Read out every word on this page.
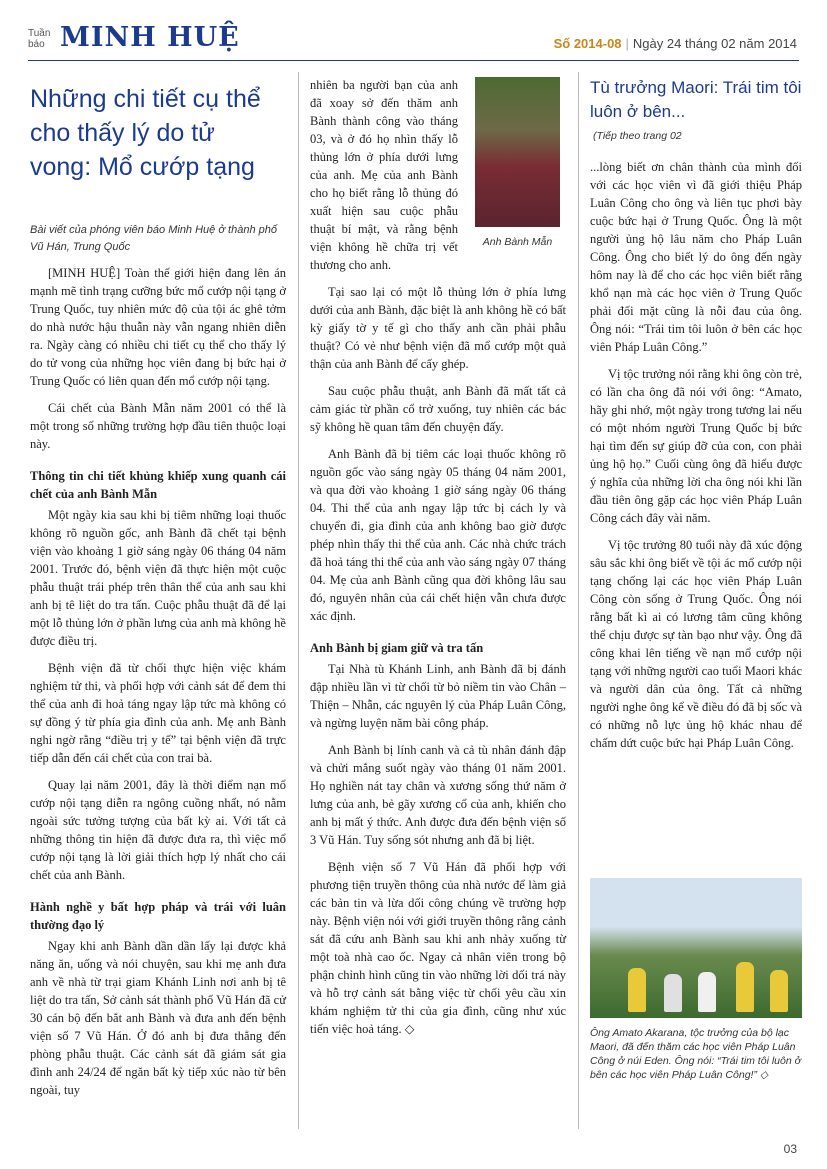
Tuần
báo MINH HUỆ	Số 2014-08 | Ngày 24 tháng 02 năm 2014
Những chi tiết cụ thể cho thấy lý do tử vong: Mổ cướp tạng
Bài viết của phóng viên báo Minh Huệ ở thành phố Vũ Hán, Trung Quốc

[MINH HUỆ] Toàn thế giới hiện đang lên án mạnh mẽ tình trạng cưỡng bức mổ cướp nội tạng ở Trung Quốc, tuy nhiên mức độ của tội ác ghê tởm do nhà nước hậu thuẫn này vẫn ngang nhiên diễn ra. Ngày càng có nhiều chi tiết cụ thể cho thấy lý do tử vong của những học viên đang bị bức hại ở Trung Quốc có liên quan đến mổ cướp nội tạng.

Cái chết của Bành Mẫn năm 2001 có thể là một trong số những trường hợp đầu tiên thuộc loại này.

Thông tin chi tiết khủng khiếp xung quanh cái chết của anh Bành Mẫn

Một ngày kia sau khi bị tiêm những loại thuốc không rõ nguồn gốc, anh Bành đã chết tại bệnh viện vào khoảng 1 giờ sáng ngày 06 tháng 04 năm 2001. Trước đó, bệnh viện đã thực hiện một cuộc phẫu thuật trái phép trên thân thể của anh sau khi anh bị tê liệt do tra tấn. Cuộc phẫu thuật đã để lại một lỗ thủng lớn ở phần lưng của anh mà không hề được điều trị.

Bệnh viện đã từ chối thực hiện việc khám nghiệm tử thi, và phối hợp với cảnh sát để đem thi thể của anh đi hoả táng ngay lập tức mà không có sự đồng ý từ phía gia đình của anh. Mẹ anh Bành nghi ngờ rằng “điều trị y tế” tại bệnh viện đã trực tiếp dẫn đến cái chết của con trai bà.

Quay lại năm 2001, đây là thời điểm nạn mổ cướp nội tạng diễn ra ngông cuồng nhất, nó nằm ngoài sức tưởng tượng của bất kỳ ai. Với tất cả những thông tin hiện đã được đưa ra, thì việc mổ cướp nội tạng là lời giải thích hợp lý nhất cho cái chết của anh Bành.

Hành nghề y bất hợp pháp và trái với luân thường đạo lý

Ngay khi anh Bành dần dần lấy lại được khả năng ăn, uống và nói chuyện, sau khi mẹ anh đưa anh về nhà từ trại giam Khánh Linh nơi anh bị tê liệt do tra tấn, Sở cảnh sát thành phố Vũ Hán đã cử 30 cán bộ đến bắt anh Bành và đưa anh đến bệnh viện số 7 Vũ Hán. Ở đó anh bị đưa thẳng đến phòng phẫu thuật. Các cảnh sát đã giám sát gia đình anh 24/24 để ngăn bất kỳ tiếp xúc nào từ bên ngoài, tuy

Anh Bành Mẫn

nhiên ba người bạn của anh đã xoay sở đến thăm anh Bành thành công vào tháng 03, và ở đó họ nhìn thấy lỗ thủng lớn ở phía dưới lưng của anh. Mẹ của anh Bành cho họ biết rằng lỗ thủng đó xuất hiện sau cuộc phẫu thuật bí mật, và rằng bệnh viện không hề chữa trị vết thương cho anh.

Tại sao lại có một lỗ thủng lớn ở phía lưng dưới của anh Bành, đặc biệt là anh không hề có bất kỳ giấy tờ y tế gì cho thấy anh cần phải phẫu thuật? Có vẻ như bệnh viện đã mổ cướp một quả thận của anh Bành để cấy ghép.

Sau cuộc phẫu thuật, anh Bành đã mất tất cả cảm giác từ phần cổ trở xuống, tuy nhiên các bác sỹ không hề quan tâm đến chuyện đấy.

Anh Bành đã bị tiêm các loại thuốc không rõ nguồn gốc vào sáng ngày 05 tháng 04 năm 2001, và qua đời vào khoảng 1 giờ sáng ngày 06 tháng 04. Thi thể của anh ngay lập tức bị cách ly và chuyển đi, gia đình của anh không bao giờ được phép nhìn thấy thi thể của anh. Các nhà chức trách đã hoả táng thi thể của anh vào sáng ngày 07 tháng 04. Mẹ của anh Bành cũng qua đời không lâu sau đó, nguyên nhân của cái chết hiện vẫn chưa được xác định.

Anh Bành bị giam giữ và tra tấn

Tại Nhà tù Khánh Linh, anh Bành đã bị đánh đập nhiều lần vì từ chối từ bỏ niềm tin vào Chân – Thiện – Nhẫn, các nguyên lý của Pháp Luân Công, và ngừng luyện năm bài công pháp.

Anh Bành bị lính canh và cả tù nhân đánh đập và chửi mắng suốt ngày vào tháng 01 năm 2001. Họ nghiền nát tay chân và xương sống thứ năm ở lưng của anh, bẻ gãy xương cổ của anh, khiến cho anh bị mất ý thức. Anh được đưa đến bệnh viện số 3 Vũ Hán. Tuy sống sót nhưng anh đã bị liệt.

Bệnh viện số 7 Vũ Hán đã phối hợp với phương tiện truyền thông của nhà nước để làm giả các bản tin và lừa dối công chúng về trường hợp này. Bệnh viện nói với giới truyền thông rằng cảnh sát đã cứu anh Bành sau khi anh nhảy xuống từ một toà nhà cao ốc. Ngay cả nhân viên trong bộ phận chỉnh hình cũng tin vào những lời dối trá này và hỗ trợ cảnh sát bằng việc từ chối yêu cầu xin khám nghiệm tử thi của gia đình, cũng như xúc tiến việc hoả táng. ◇

Tù trưởng Maori: Trái tim tôi luôn ở bên...
(Tiếp theo trang 02

...lòng biết ơn chân thành của mình đối với các học viên vì đã giới thiệu Pháp Luân Công cho ông và liên tục phơi bày cuộc bức hại ở Trung Quốc. Ông là một người ủng hộ lâu năm cho Pháp Luân Công. Ông cho biết lý do ông đến ngày hôm nay là để cho các học viên biết rằng khổ nạn mà các học viên ở Trung Quốc phải đối mặt cũng là nỗi đau của ông. Ông nói: “Trái tim tôi luôn ở bên các học viên Pháp Luân Công.”

Vị tộc trưởng nói rằng khi ông còn trẻ, có lần cha ông đã nói với ông: “Amato, hãy ghi nhớ, một ngày trong tương lai nếu có một nhóm người Trung Quốc bị bức hại tìm đến sự giúp đỡ của con, con phải ủng hộ họ.” Cuối cùng ông đã hiểu được ý nghĩa của những lời cha ông nói khi lần đầu tiên ông gặp các học viên Pháp Luân Công cách đây vài năm.

Vị tộc trưởng 80 tuổi này đã xúc động sâu sắc khi ông biết về tội ác mổ cướp nội tạng chống lại các học viên Pháp Luân Công còn sống ở Trung Quốc. Ông nói rằng bất kì ai có lương tâm cũng không thể chịu được sự tàn bạo như vậy. Ông đã công khai lên tiếng về nạn mổ cướp nội tạng với những người cao tuổi Maori khác và người dân của ông. Tất cả những người nghe ông kể về điều đó đã bị sốc và có những nỗ lực ủng hộ khác nhau để chấm dứt cuộc bức hại Pháp Luân Công.

Ông Amato Akarana, tộc trưởng của bộ lạc Maori, đã đến thăm các học viên Pháp Luân Công ở núi Eden. Ông nói: “Trái tim tôi luôn ở bên các học viên Pháp Luân Công!” ◇
03
